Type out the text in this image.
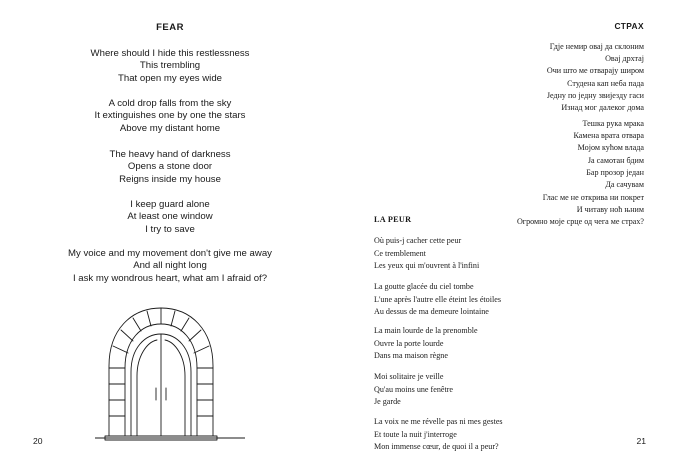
FEAR
Where should I hide this restlessness
This trembling
That open my eyes wide
A cold drop falls from the sky
It extinguishes one by one the stars
Above my distant home
The heavy hand of darkness
Opens a stone door
Reigns inside my house
I keep guard alone
At least one window
I try to save
My voice and my movement don't give me away
And all night long
I ask my wondrous heart, what am I afraid of?
20
СТРАХ
Гдје немир овај да склоним
Овај дрхтај
Очи што ме отварају широм
Студена кап неба пада
Једну по једну звијезду гаси
Изнад мог далеког дома
Тешка рука мрака
Камена врата отвара
Мојом кућом влада
Ја самотан бдим
Бар прозор један
Да сачувам
Глас ме не открива ни покрет
И читаву ноћ њним
Огромно моје срце од чега ме страх?
LA PEUR
Où puis-j cacher cette peur
Ce tremblement
Les yeux qui m'ouvrent à l'infini
La goutte glacée du ciel tombe
L'une après l'autre elle éteint les étoiles
Au dessus de ma demeure lointaine
La main lourde de la prenomble
Ouvre la porte lourde
Dans ma maison règne
Moi solitaire je veille
Qu'au moins une fenêtre
Je garde
La voix ne me révelle pas ni mes gestes
Et toute la nuit j'interroge
Mon immense cœur, de quoi il a peur?
21
